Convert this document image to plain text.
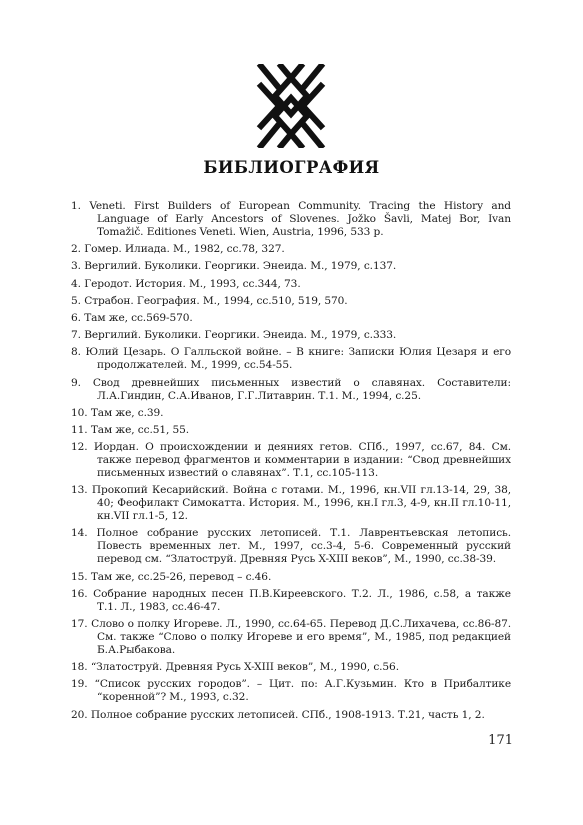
БИБЛИОГРАФИЯ
1. Veneti. First Builders of European Community. Tracing the History and Language of Early Ancestors of Slovenes. Jožko Šavli, Matej Bor, Ivan Tomažič. Editiones Veneti. Wien, Austria, 1996, 533 p.
2. Гомер. Илиада. М., 1982, сс.78, 327.
3. Вергилий. Буколики. Георгики. Энеида. М., 1979, с.137.
4. Геродот. История. М., 1993, сс.344, 73.
5. Страбон. География. М., 1994, сс.510, 519, 570.
6. Там же, сс.569-570.
7. Вергилий. Буколики. Георгики. Энеида. М., 1979, с.333.
8. Юлий Цезарь. О Галльской войне. – В книге: Записки Юлия Цезаря и его продолжателей. М., 1999, сс.54-55.
9. Свод древнейших письменных известий о славянах. Составители: Л.А.Гиндин, С.А.Иванов, Г.Г.Литаврин. Т.1. М., 1994, с.25.
10. Там же, с.39.
11. Там же, сс.51, 55.
12. Иордан. О происхождении и деяниях гетов. СПб., 1997, сс.67, 84. См. также перевод фрагментов и комментарии в издании: “Свод древнейших письменных известий о славянах”. Т.1, сс.105-113.
13. Прокопий Кесарийский. Война с готами. М., 1996, кн.VII гл.13-14, 29, 38, 40; Феофилакт Симокатта. История. М., 1996, кн.I гл.3, 4-9, кн.II гл.10-11, кн.VII гл.1-5, 12.
14. Полное собрание русских летописей. Т.1. Лаврентьевская летопись. Повесть временных лет. М., 1997, сс.3-4, 5-6. Современный русский перевод см. “Златоструй. Древняя Русь X-XIII веков”, М., 1990, сс.38-39.
15. Там же, сс.25-26, перевод – с.46.
16. Собрание народных песен П.В.Киреевского. Т.2. Л., 1986, с.58, а также Т.1. Л., 1983, сс.46-47.
17. Слово о полку Игореве. Л., 1990, сс.64-65. Перевод Д.С.Лихачева, сс.86-87. См. также “Слово о полку Игореве и его время”, М., 1985, под редакцией Б.А.Рыбакова.
18. “Златоструй. Древняя Русь X-XIII веков”, М., 1990, с.56.
19. “Список русских городов”. – Цит. по: А.Г.Кузьмин. Кто в Прибалтике “коренной”? М., 1993, с.32.
20. Полное собрание русских летописей. СПб., 1908-1913. Т.21, часть 1, 2.
171
